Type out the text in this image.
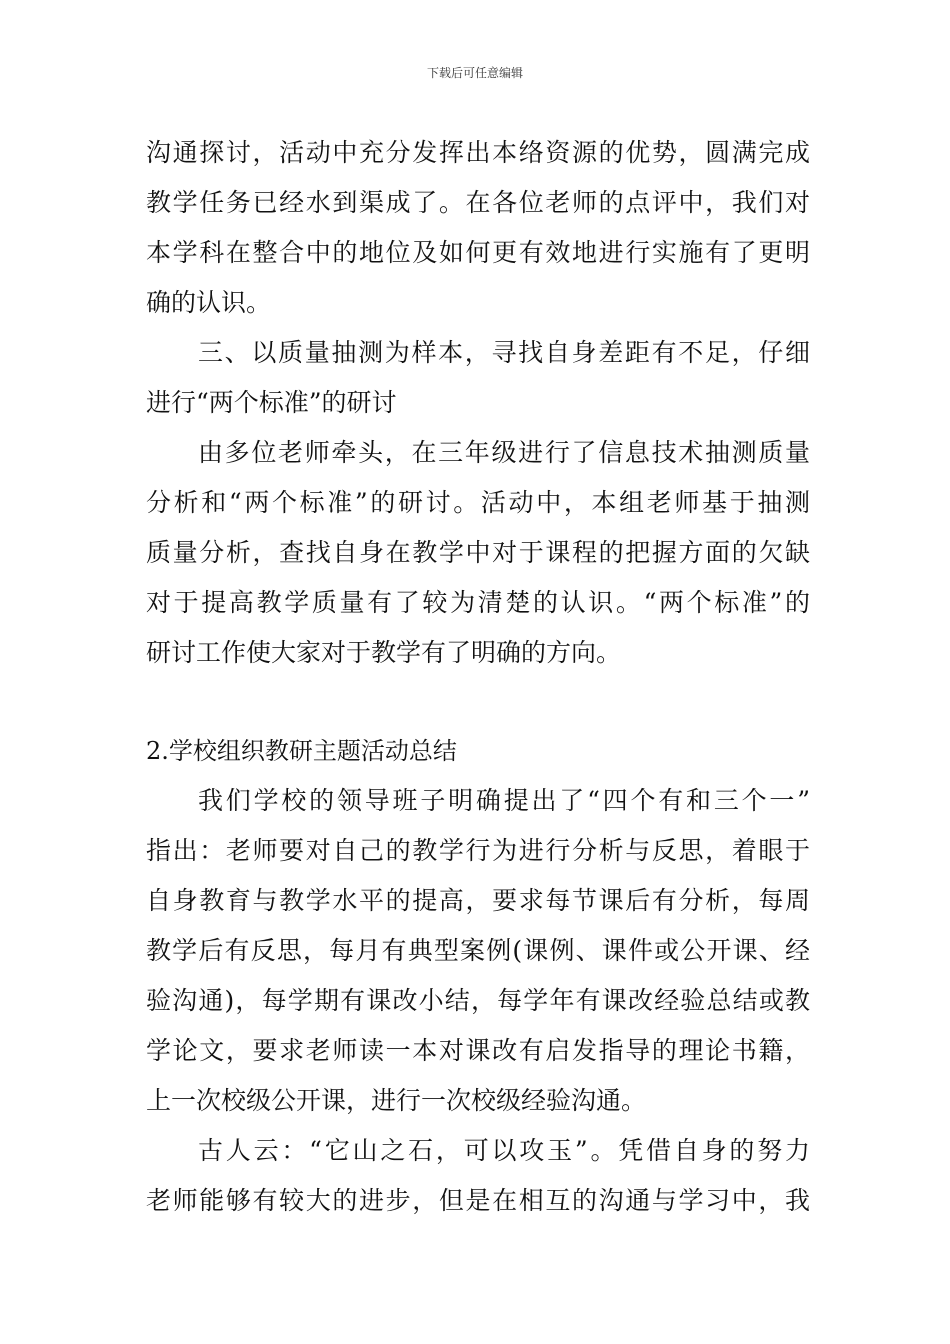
下载后可任意编辑
沟通探讨，活动中充分发挥出本络资源的优势，圆满完成
教学任务已经水到渠成了。在各位老师的点评中，我们对
本学科在整合中的地位及如何更有效地进行实施有了更明
确的认识。
三、以质量抽测为样本，寻找自身差距有不足，仔细
进行“两个标准”的研讨
由多位老师牵头，在三年级进行了信息技术抽测质量
分析和“两个标准”的研讨。活动中，本组老师基于抽测
质量分析，查找自身在教学中对于课程的把握方面的欠缺
对于提高教学质量有了较为清楚的认识。“两个标准”的
研讨工作使大家对于教学有了明确的方向。
2.学校组织教研主题活动总结
我们学校的领导班子明确提出了“四个有和三个一”
指出：老师要对自己的教学行为进行分析与反思，着眼于
自身教育与教学水平的提高，要求每节课后有分析，每周
教学后有反思，每月有典型案例(课例、课件或公开课、经
验沟通)，每学期有课改小结，每学年有课改经验总结或教
学论文，要求老师读一本对课改有启发指导的理论书籍，
上一次校级公开课，进行一次校级经验沟通。
古人云：“它山之石，可以攻玉”。凭借自身的努力
老师能够有较大的进步，但是在相互的沟通与学习中，我
